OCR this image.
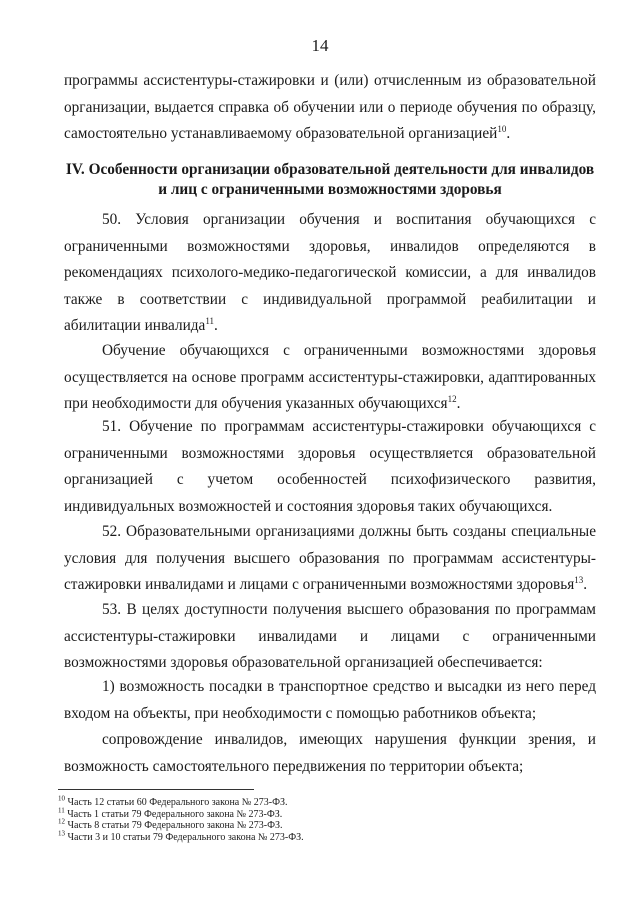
14
программы ассистентуры-стажировки и (или) отчисленным из образовательной организации, выдается справка об обучении или о периоде обучения по образцу, самостоятельно устанавливаемому образовательной организацией$^{10}$.
IV. Особенности организации образовательной деятельности для инвалидов
и лиц с ограниченными возможностями здоровья
50. Условия организации обучения и воспитания обучающихся с ограниченными возможностями здоровья, инвалидов определяются в рекомендациях психолого-медико-педагогической комиссии, а для инвалидов также в соответствии с индивидуальной программой реабилитации и абилитации инвалида$^{11}$.
Обучение обучающихся с ограниченными возможностями здоровья осуществляется на основе программ ассистентуры-стажировки, адаптированных при необходимости для обучения указанных обучающихся$^{12}$.
51. Обучение по программам ассистентуры-стажировки обучающихся с ограниченными возможностями здоровья осуществляется образовательной организацией с учетом особенностей психофизического развития, индивидуальных возможностей и состояния здоровья таких обучающихся.
52. Образовательными организациями должны быть созданы специальные условия для получения высшего образования по программам ассистентуры-стажировки инвалидами и лицами с ограниченными возможностями здоровья$^{13}$.
53. В целях доступности получения высшего образования по программам ассистентуры-стажировки инвалидами и лицами с ограниченными возможностями здоровья образовательной организацией обеспечивается:
1) возможность посадки в транспортное средство и высадки из него перед входом на объекты, при необходимости с помощью работников объекта;
сопровождение инвалидов, имеющих нарушения функции зрения, и возможность самостоятельного передвижения по территории объекта;
$^{10}$ Часть 12 статьи 60 Федерального закона № 273-ФЗ.
$^{11}$ Часть 1 статьи 79 Федерального закона № 273-ФЗ.
$^{12}$ Часть 8 статьи 79 Федерального закона № 273-ФЗ.
$^{13}$ Части 3 и 10 статьи 79 Федерального закона № 273-ФЗ.
